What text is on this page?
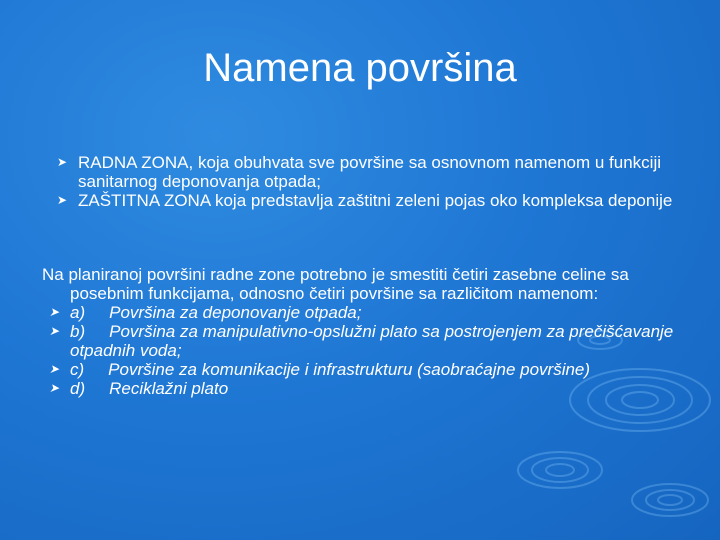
Namena površina
➤ RADNA ZONA, koja obuhvata sve površine sa osnovnom namenom u funkciji sanitarnog deponovanja otpada;
➤ ZAŠTITNA ZONA koja predstavlja zaštitni zeleni pojas oko kompleksa deponije
Na planiranoj površini radne zone potrebno je smestiti četiri zasebne celine sa posebnim funkcijama, odnosno četiri površine sa različitom namenom:
➤ a) Površina za deponovanje otpada;
➤ b) Površina za manipulativno-opslužni plato sa postrojenjem za prečišćavanje otpadnih voda;
➤ c) Površine za komunikacije i infrastrukturu (saobraćajne površine)
➤ d) Reciklažni plato
